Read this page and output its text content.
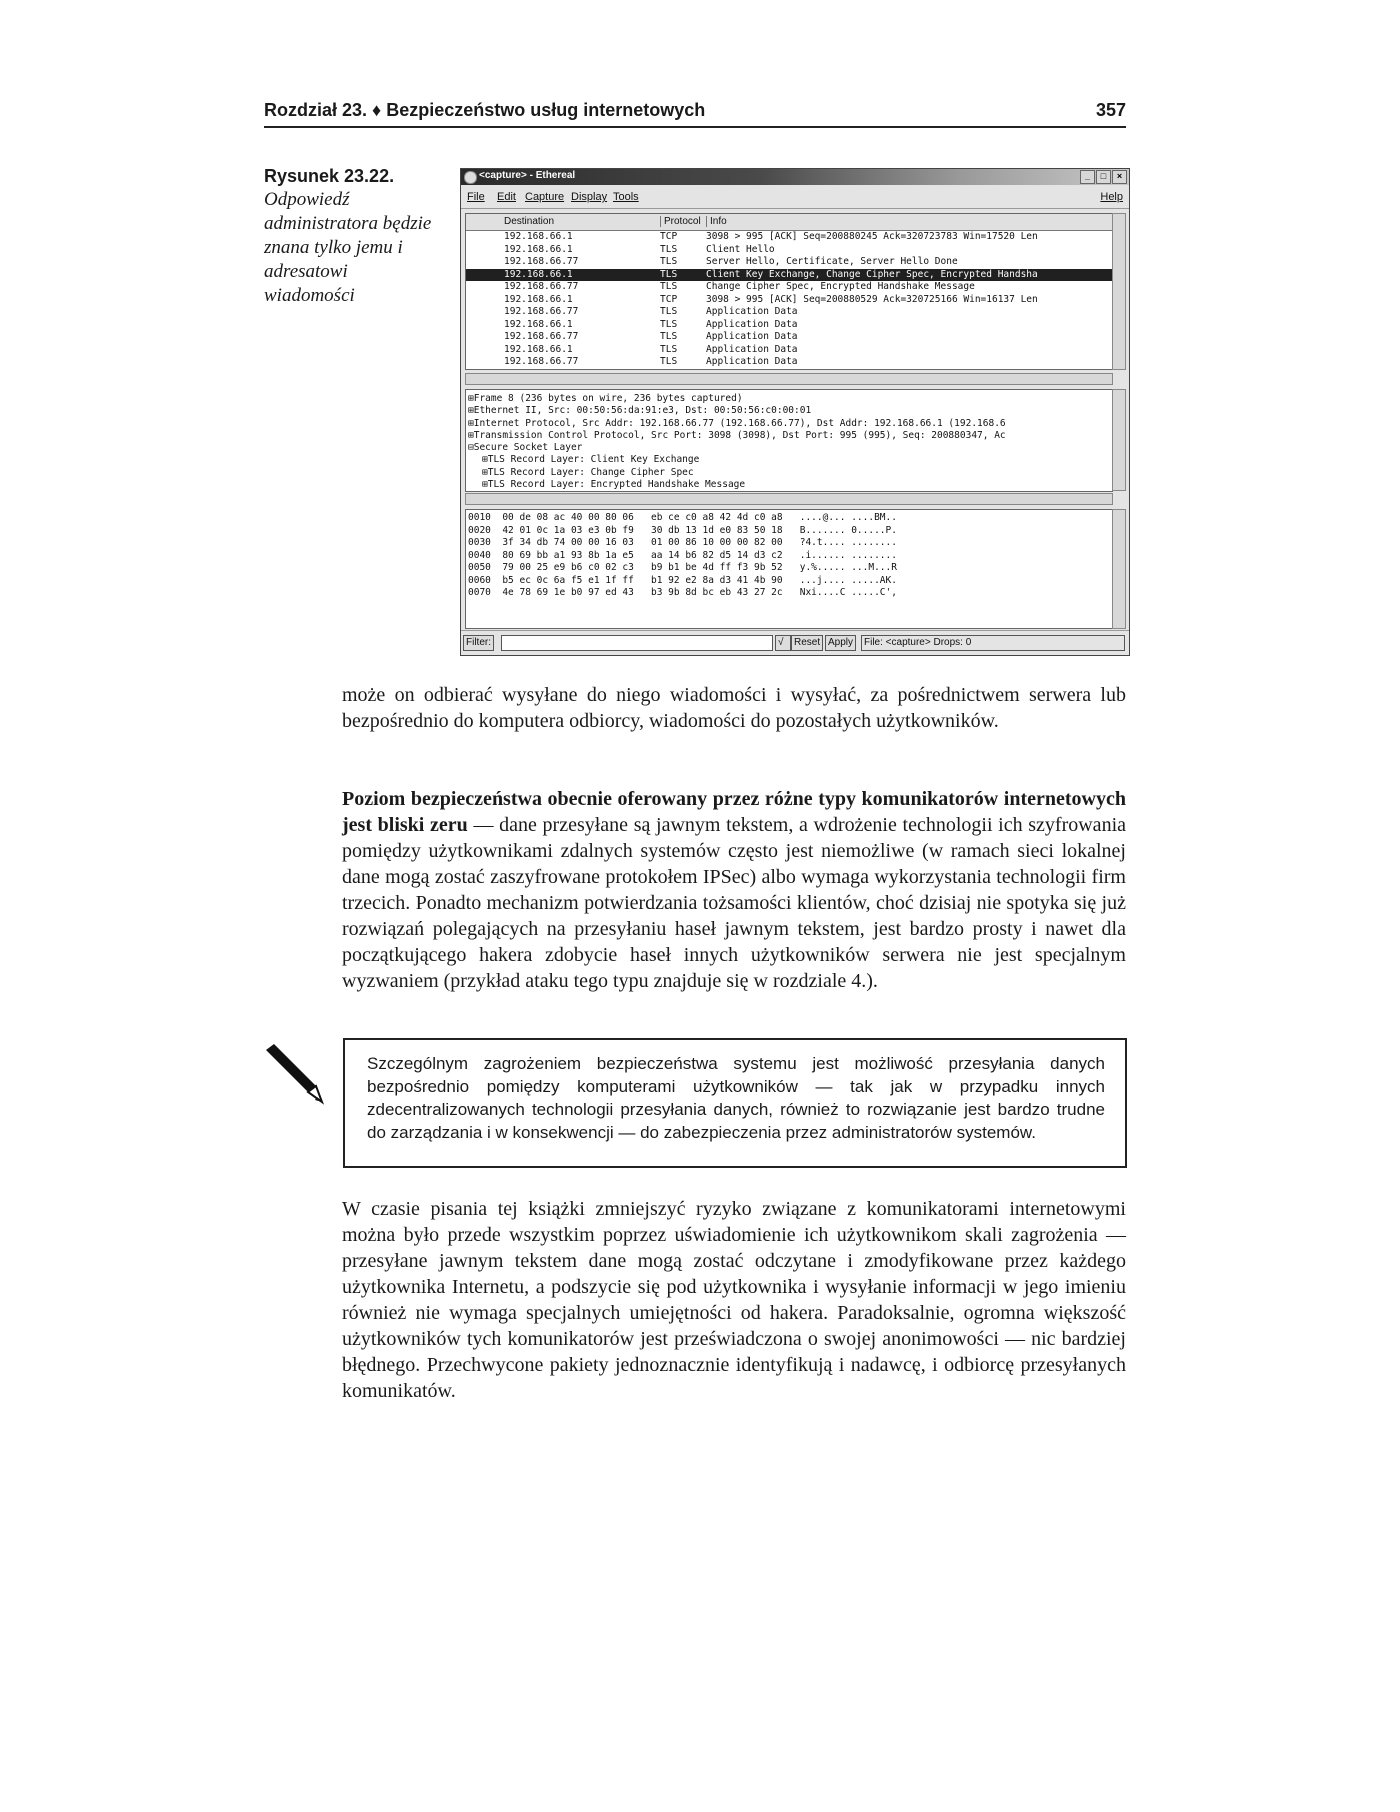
Rozdział 23. ♦ Bezpieczeństwo usług internetowych	357
Rysunek 23.22.
Odpowiedź administratora będzie znana tylko jemu i adresatowi wiadomości
<capture> - Ethereal	_ □ ×
File Edit Capture Display Tools	Help
Destination	Protocol Info
192.168.66.1	TCP	3098 > 995 [ACK] Seq=200880245 Ack=320723783 Win=17520 Len
192.168.66.1	TLS	Client Hello
192.168.66.77	TLS	Server Hello, Certificate, Server Hello Done
192.168.66.1	TLS	Client Key Exchange, Change Cipher Spec, Encrypted Handsha
192.168.66.77	TLS	Change Cipher Spec, Encrypted Handshake Message
192.168.66.1	TCP	3098 > 995 [ACK] Seq=200880529 Ack=320725166 Win=16137 Len
192.168.66.77	TLS	Application Data
192.168.66.1	TLS	Application Data
192.168.66.77	TLS	Application Data
192.168.66.1	TLS	Application Data
192.168.66.77	TLS	Application Data
⊞Frame 8 (236 bytes on wire, 236 bytes captured)
⊞Ethernet II, Src: 00:50:56:da:91:e3, Dst: 00:50:56:c0:00:01
⊞Internet Protocol, Src Addr: 192.168.66.77 (192.168.66.77), Dst Addr: 192.168.66.1 (192.168.6
⊞Transmission Control Protocol, Src Port: 3098 (3098), Dst Port: 995 (995), Seq: 200880347, Ac
⊟Secure Socket Layer
⊞TLS Record Layer: Client Key Exchange
⊞TLS Record Layer: Change Cipher Spec
⊞TLS Record Layer: Encrypted Handshake Message
0010  00 de 08 ac 40 00 80 06   eb ce c0 a8 42 4d c0 a8   ....@... ....BM..
0020  42 01 0c 1a 03 e3 0b f9   30 db 13 1d e0 83 50 18   B....... 0.....P.
0030  3f 34 db 74 00 00 16 03   01 00 86 10 00 00 82 00   ?4.t.... ........
0040  80 69 bb a1 93 8b 1a e5   aa 14 b6 82 d5 14 d3 c2   .i...... ........
0050  79 00 25 e9 b6 c0 02 c3   b9 b1 be 4d ff f3 9b 52   y.%..... ...M...R
0060  b5 ec 0c 6a f5 e1 1f ff   b1 92 e2 8a d3 41 4b 90   ...j.... .....AK.
0070  4e 78 69 1e b0 97 ed 43   b3 9b 8d bc eb 43 27 2c   Nxi....C .....C',
Filter:	√	Reset Apply	File: <capture> Drops: 0
może on odbierać wysyłane do niego wiadomości i wysyłać, za pośrednictwem serwera lub bezpośrednio do komputera odbiorcy, wiadomości do pozostałych użytkowników.
Poziom bezpieczeństwa obecnie oferowany przez różne typy komunikatorów internetowych jest bliski zeru — dane przesyłane są jawnym tekstem, a wdrożenie technologii ich szyfrowania pomiędzy użytkownikami zdalnych systemów często jest niemożliwe (w ramach sieci lokalnej dane mogą zostać zaszyfrowane protokołem IPSec) albo wymaga wykorzystania technologii firm trzecich. Ponadto mechanizm potwierdzania tożsamości klientów, choć dzisiaj nie spotyka się już rozwiązań polegających na przesyłaniu haseł jawnym tekstem, jest bardzo prosty i nawet dla początkującego hakera zdobycie haseł innych użytkowników serwera nie jest specjalnym wyzwaniem (przykład ataku tego typu znajduje się w rozdziale 4.).
Szczególnym zagrożeniem bezpieczeństwa systemu jest możliwość przesyłania danych bezpośrednio pomiędzy komputerami użytkowników — tak jak w przypadku innych zdecentralizowanych technologii przesyłania danych, również to rozwiązanie jest bardzo trudne do zarządzania i w konsekwencji — do zabezpieczenia przez administratorów systemów.
W czasie pisania tej książki zmniejszyć ryzyko związane z komunikatorami internetowymi można było przede wszystkim poprzez uświadomienie ich użytkownikom skali zagrożenia — przesyłane jawnym tekstem dane mogą zostać odczytane i zmodyfikowane przez każdego użytkownika Internetu, a podszycie się pod użytkownika i wysyłanie informacji w jego imieniu również nie wymaga specjalnych umiejętności od hakera. Paradoksalnie, ogromna większość użytkowników tych komunikatorów jest przeświadczona o swojej anonimowości — nic bardziej błędnego. Przechwycone pakiety jednoznacznie identyfikują i nadawcę, i odbiorcę przesyłanych komunikatów.
